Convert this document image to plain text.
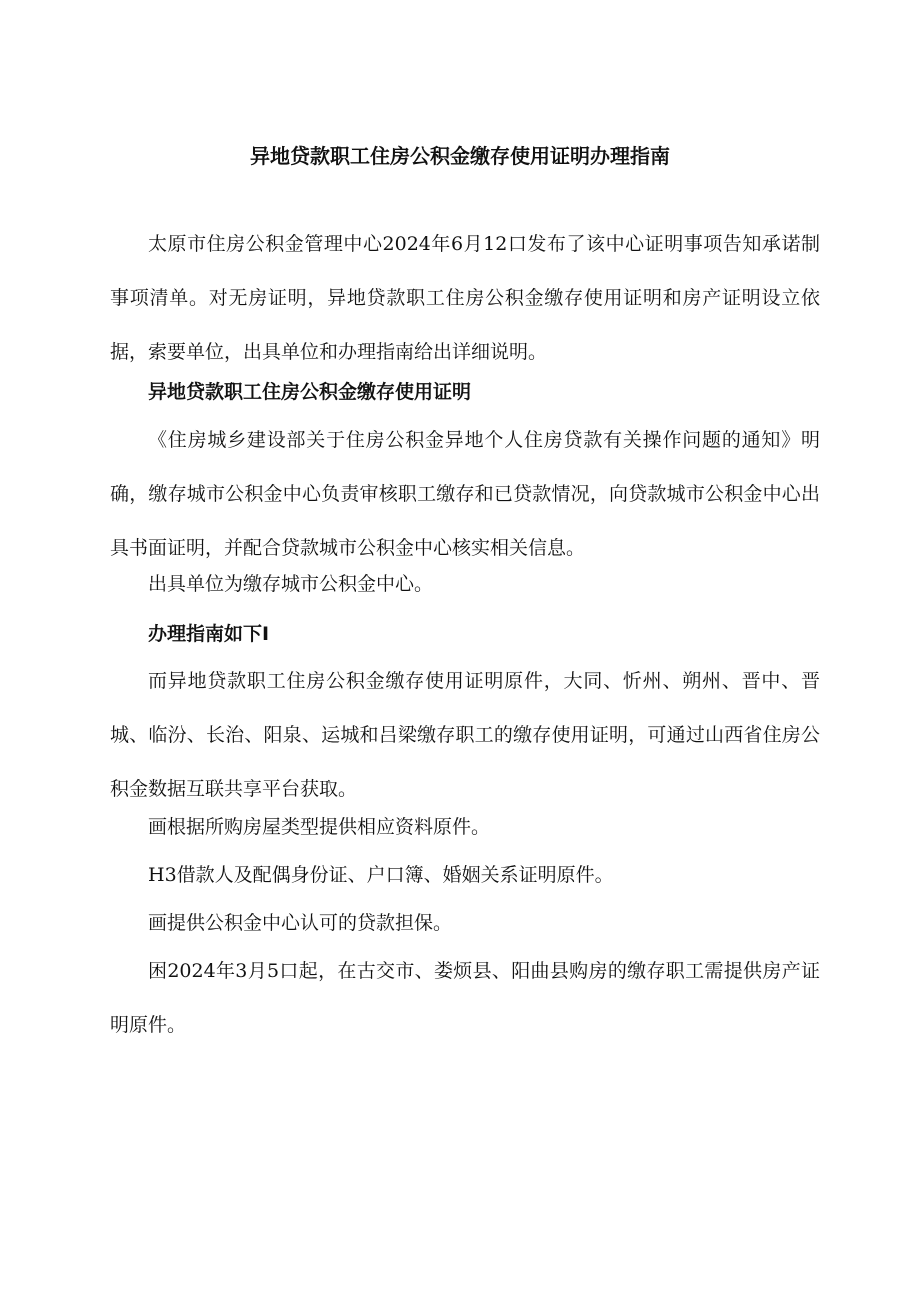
异地贷款职工住房公积金缴存使用证明办理指南

太原市住房公积金管理中心2024年6月12口发布了该中心证明事项告知承诺制事项清单。对无房证明，异地贷款职工住房公积金缴存使用证明和房产证明设立依据，索要单位，出具单位和办理指南给出详细说明。

异地贷款职工住房公积金缴存使用证明

《住房城乡建设部关于住房公积金异地个人住房贷款有关操作问题的通知》明确，缴存城市公积金中心负责审核职工缴存和已贷款情况，向贷款城市公积金中心出具书面证明，并配合贷款城市公积金中心核实相关信息。

出具单位为缴存城市公积金中心。

办理指南如下I

而异地贷款职工住房公积金缴存使用证明原件，大同、忻州、朔州、晋中、晋城、临汾、长治、阳泉、运城和吕梁缴存职工的缴存使用证明，可通过山西省住房公积金数据互联共享平台获取。

画根据所购房屋类型提供相应资料原件。

H3借款人及配偶身份证、户口簿、婚姻关系证明原件。

画提供公积金中心认可的贷款担保。

困2024年3月5口起，在古交市、娄烦县、阳曲县购房的缴存职工需提供房产证明原件。
